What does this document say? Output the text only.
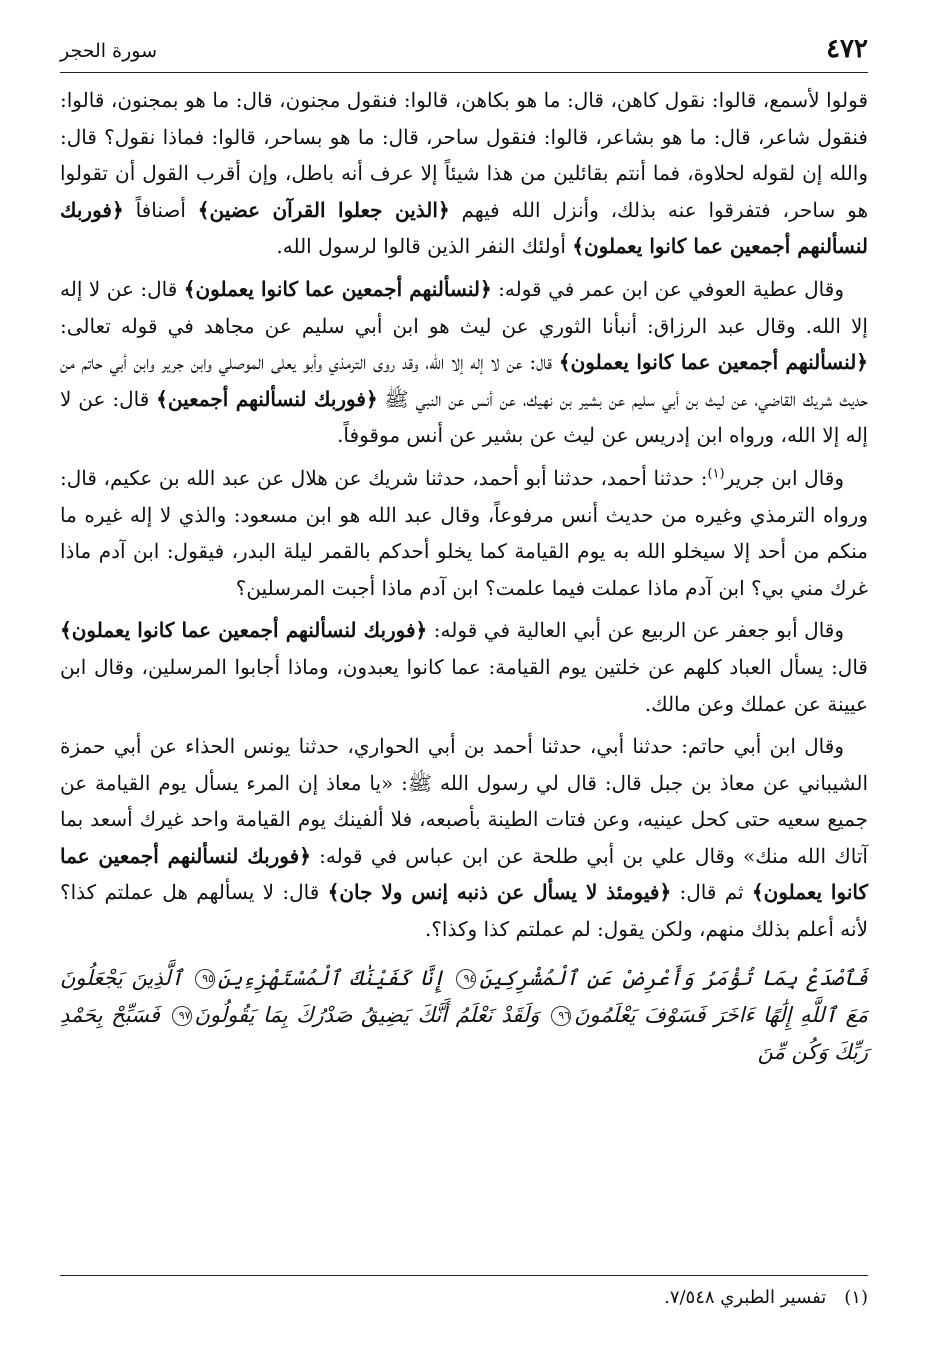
٤٧٢
سورة الحجر

قولوا لأسمع، قالوا: نقول كاهن، قال: ما هو بكاهن، قالوا: فنقول مجنون، قال: ما هو بمجنون، قالوا: فنقول شاعر، قال: ما هو بشاعر، قالوا: فنقول ساحر، قال: ما هو بساحر، قالوا: فماذا نقول؟ قال: والله إن لقوله لحلاوة، فما أنتم بقائلين من هذا شيئاً إلا عرف أنه باطل، وإن أقرب القول أن تقولوا هو ساحر، فتفرقوا عنه بذلك، وأنزل الله فيهم ﴿الذين جعلوا القرآن عضين﴾ أصنافاً ﴿فوربك لنسألنهم أجمعين عما كانوا يعملون﴾ أولئك النفر الذين قالوا لرسول الله.

وقال عطية العوفي عن ابن عمر في قوله: ﴿لنسألنهم أجمعين عما كانوا يعملون﴾ قال: عن لا إله إلا الله. وقال عبد الرزاق: أنبأنا الثوري عن ليث هو ابن أبي سليم عن مجاهد في قوله تعالى: ﴿لنسألنهم أجمعين عما كانوا يعملون﴾ قال: عن لا إله إلا الله، وقد روى الترمذي وأبو يعلى الموصلي وابن جرير وابن أبي حاتم من حديث شريك القاضي، عن ليث بن أبي سليم عن بشير بن نهيك، عن أنس عن النبي ﷺ ﴿فوربك لنسألنهم أجمعين﴾ قال: عن لا إله إلا الله، ورواه ابن إدريس عن ليث عن بشير عن أنس موقوفاً.

وقال ابن جرير$^{(١)}$: حدثنا أحمد، حدثنا أبو أحمد، حدثنا شريك عن هلال عن عبد الله بن عكيم، قال: ورواه الترمذي وغيره من حديث أنس مرفوعاً، وقال عبد الله هو ابن مسعود: والذي لا إله غيره ما منكم من أحد إلا سيخلو الله به يوم القيامة كما يخلو أحدكم بالقمر ليلة البدر، فيقول: ابن آدم ماذا غرك مني بي؟ ابن آدم ماذا عملت فيما علمت؟ ابن آدم ماذا أجبت المرسلين؟

وقال أبو جعفر عن الربيع عن أبي العالية في قوله: ﴿فوربك لنسألنهم أجمعين عما كانوا يعملون﴾ قال: يسأل العباد كلهم عن خلتين يوم القيامة: عما كانوا يعبدون، وماذا أجابوا المرسلين، وقال ابن عيينة عن عملك وعن مالك.

وقال ابن أبي حاتم: حدثنا أبي، حدثنا أحمد بن أبي الحواري، حدثنا يونس الحذاء عن أبي حمزة الشيباني عن معاذ بن جبل قال: قال لي رسول الله ﷺ: «يا معاذ إن المرء يسأل يوم القيامة عن جميع سعيه حتى كحل عينيه، وعن فتات الطينة بأصبعه، فلا ألفينك يوم القيامة واحد غيرك أسعد بما آتاك الله منك» وقال علي بن أبي طلحة عن ابن عباس في قوله: ﴿فوربك لنسألنهم أجمعين عما كانوا يعملون﴾ ثم قال: ﴿فيومئذ لا يسأل عن ذنبه إنس ولا جان﴾ قال: لا يسألهم هل عملتم كذا؟ لأنه أعلم بذلك منهم، ولكن يقول: لم عملتم كذا وكذا؟.

فَٱصْدَعْ بِمَا تُؤْمَرُ وَأَعْرِضْ عَنِ ٱلْمُشْرِكِينَ٩٤ إِنَّا كَفَيْنَٰكَ ٱلْمُسْتَهْزِءِينَ٩٥ ٱلَّذِينَ يَجْعَلُونَ مَعَ ٱللَّهِ إِلَٰهًا ءَاخَرَ فَسَوْفَ يَعْلَمُونَ٩٦ وَلَقَدْ نَعْلَمُ أَنَّكَ يَضِيقُ صَدْرُكَ بِمَا يَقُولُونَ٩٧ فَسَبِّحْ بِحَمْدِ رَبِّكَ وَكُن مِّنَ

(١)تفسير الطبري ٧/٥٤٨.
